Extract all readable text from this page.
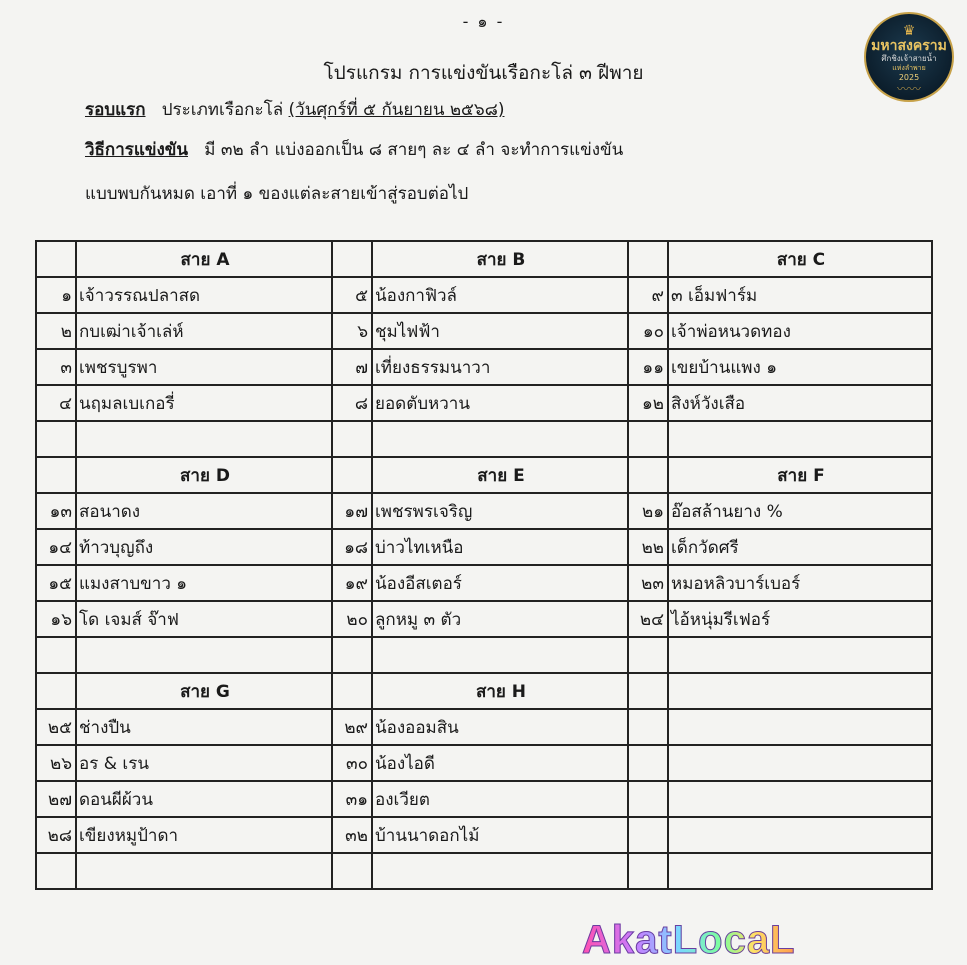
- ๑ -
โปรแกรม การแข่งขันเรือกะโล่ ๓ ฝีพาย
♛
มหาสงคราม
ศึกชิงเจ้าสายน้ำ
แห่งลำพาย
2025
〰〰
รอบแรก ประเภทเรือกะโล่ (วันศุกร์ที่ ๕ กันยายน ๒๕๖๘)
วิธีการแข่งขัน มี ๓๒ ลำ แบ่งออกเป็น ๘ สายๆ ละ ๔ ลำ จะทำการแข่งขัน
แบบพบกันหมด เอาที่ ๑ ของแต่ละสายเข้าสู่รอบต่อไป
	สาย A		สาย B		สาย C
๑	เจ้าวรรณปลาสด	๕	น้องกาฟิวล์	๙	๓ เอ็มฟาร์ม
๒	กบเฒ่าเจ้าเล่ห์	๖	ชุมไฟฟ้า	๑๐	เจ้าพ่อหนวดทอง
๓	เพชรบูรพา	๗	เที่ยงธรรมนาวา	๑๑	เขยบ้านแพง ๑
๔	นฤมลเบเกอรี่	๘	ยอดตับหวาน	๑๒	สิงห์วังเสือ

	สาย D		สาย E		สาย F
๑๓	สอนาดง	๑๗	เพชรพรเจริญ	๒๑	อ๊อสล้านยาง %
๑๔	ท้าวบุญถึง	๑๘	บ่าวไทเหนือ	๒๒	เด็กวัดศรี
๑๕	แมงสาบขาว ๑	๑๙	น้องอีสเตอร์	๒๓	หมอหลิวบาร์เบอร์
๑๖	โด เจมส์ จ๊าฟ	๒๐	ลูกหมู ๓ ตัว	๒๔	ไอ้หนุ่มรีเฟอร์

	สาย G		สาย H		
๒๕	ช่างปืน	๒๙	น้องออมสิน		
๒๖	อร & เรน	๓๐	น้องไอดี		
๒๗	ดอนผีผ้วน	๓๑	องเวียต		
๒๘	เขียงหมูป้าดา	๓๒	บ้านนาดอกไม้		

AkatLocaL
